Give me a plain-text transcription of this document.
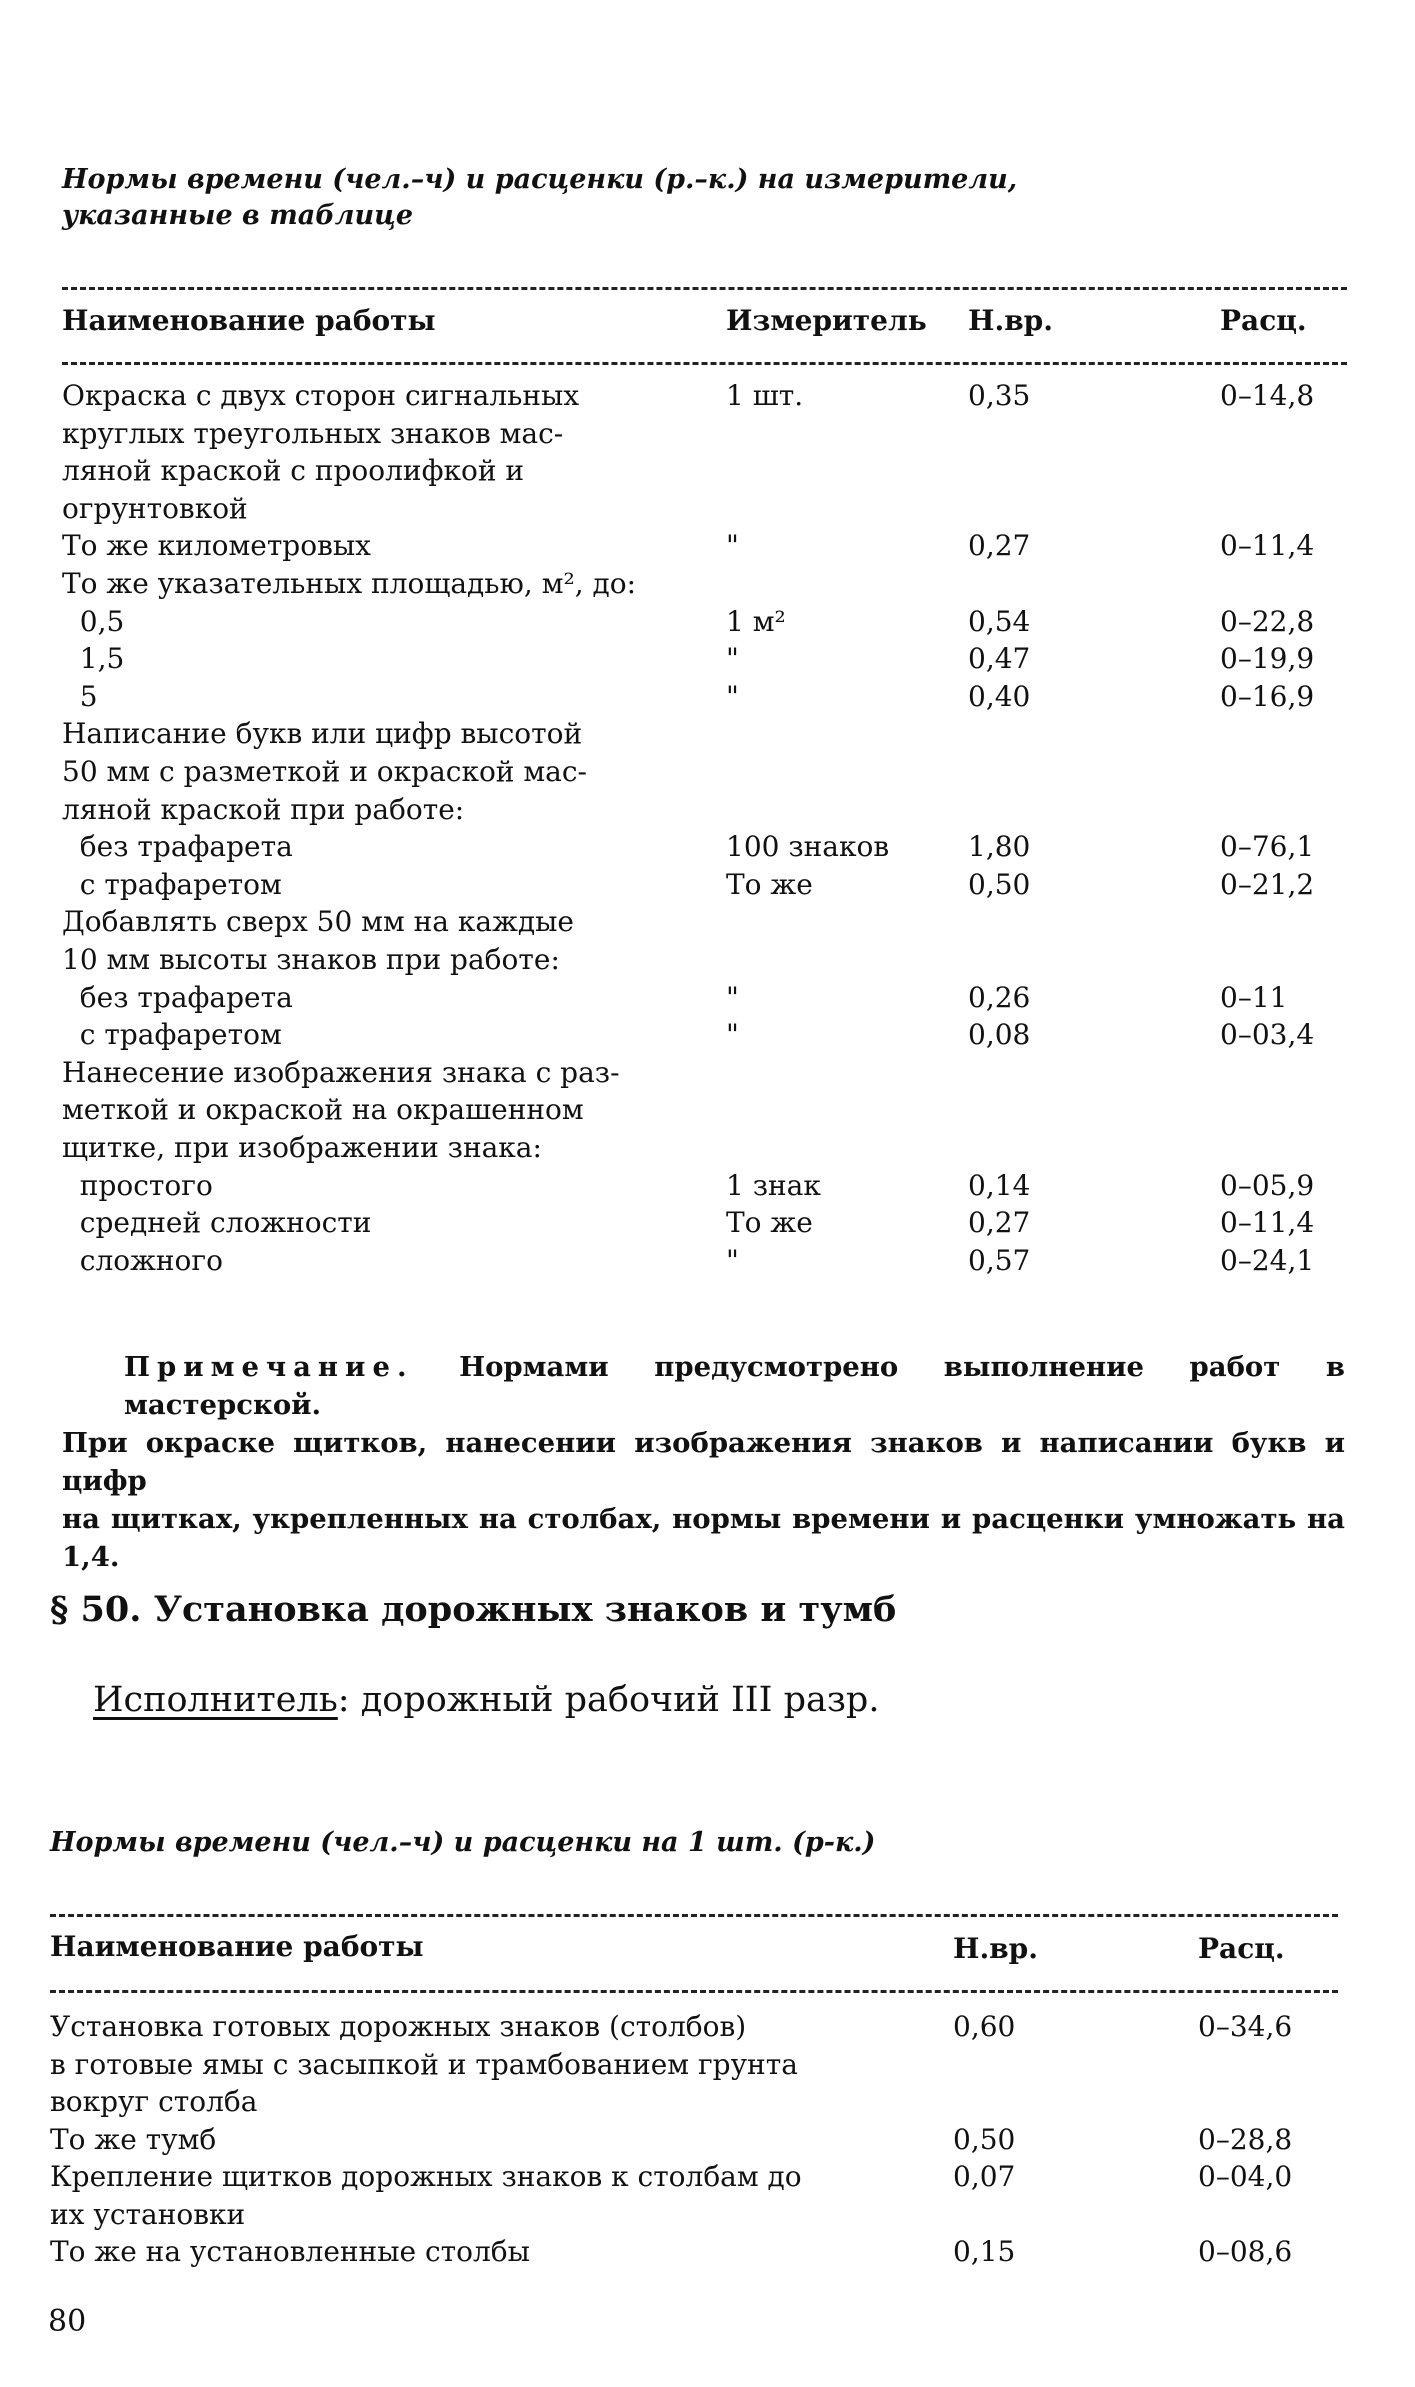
Нормы времени (чел.–ч) и расценки (р.–к.) на измерители,
указанные в таблице
Наименование работы	Измеритель Н.вр.	Расц.
Окраска с двух сторон сигнальных	1 шт.	0,35	0–14,8
круглых треугольных знаков мас-
ляной краской с проолифкой и
огрунтовкой
То же километровых	"	0,27	0–11,4
То же указательных площадью, м², до:
0,5	1 м²	0,54	0–22,8
1,5	"	0,47	0–19,9
5	"	0,40	0–16,9
Написание букв или цифр высотой
50 мм с разметкой и окраской мас-
ляной краской при работе:
без трафарета	100 знаков	1,80	0–76,1
с трафаретом	То же	0,50	0–21,2
Добавлять сверх 50 мм на каждые
10 мм высоты знаков при работе:
без трафарета	"	0,26	0–11
с трафаретом	"	0,08	0–03,4
Нанесение изображения знака с раз-
меткой и окраской на окрашенном
щитке, при изображении знака:
простого	1 знак	0,14	0–05,9
средней сложности	То же	0,27	0–11,4
сложного	"	0,57	0–24,1
Примечание. Нормами предусмотрено выполнение работ в мастерской.
При окраске щитков, нанесении изображения знаков и написании букв и цифр
на щитках, укрепленных на столбах, нормы времени и расценки умножать на 1,4.
§ 50. Установка дорожных знаков и тумб
Исполнитель: дорожный рабочий III разр.
Нормы времени (чел.–ч) и расценки на 1 шт. (р-к.)
Наименование работы	Н.вр.	Расц.
Установка готовых дорожных знаков (столбов)	0,60	0–34,6
в готовые ямы с засыпкой и трамбованием грунта
вокруг столба
То же тумб	0,50	0–28,8
Крепление щитков дорожных знаков к столбам до	0,07	0–04,0
их установки
То же на установленные столбы	0,15	0–08,6
80
